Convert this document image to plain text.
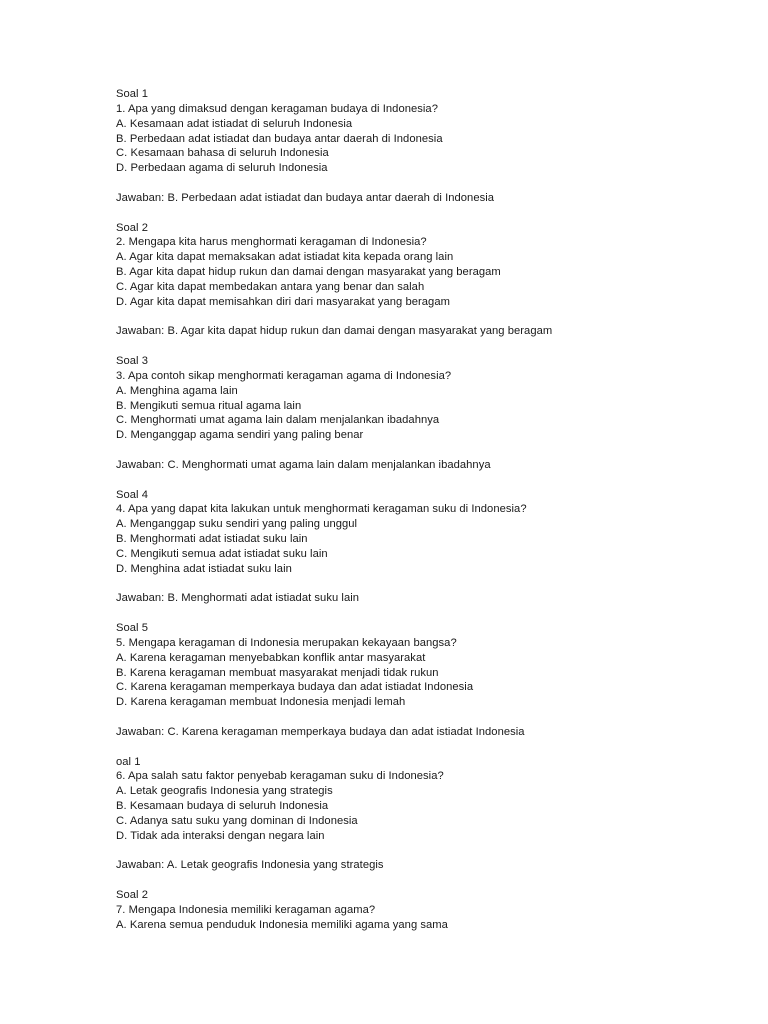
Soal 1
1. Apa yang dimaksud dengan keragaman budaya di Indonesia?
A. Kesamaan adat istiadat di seluruh Indonesia
B. Perbedaan adat istiadat dan budaya antar daerah di Indonesia
C. Kesamaan bahasa di seluruh Indonesia
D. Perbedaan agama di seluruh Indonesia
Jawaban: B. Perbedaan adat istiadat dan budaya antar daerah di Indonesia
Soal 2
2. Mengapa kita harus menghormati keragaman di Indonesia?
A. Agar kita dapat memaksakan adat istiadat kita kepada orang lain
B. Agar kita dapat hidup rukun dan damai dengan masyarakat yang beragam
C. Agar kita dapat membedakan antara yang benar dan salah
D. Agar kita dapat memisahkan diri dari masyarakat yang beragam
Jawaban: B. Agar kita dapat hidup rukun dan damai dengan masyarakat yang beragam
Soal 3
3. Apa contoh sikap menghormati keragaman agama di Indonesia?
A. Menghina agama lain
B. Mengikuti semua ritual agama lain
C. Menghormati umat agama lain dalam menjalankan ibadahnya
D. Menganggap agama sendiri yang paling benar
Jawaban: C. Menghormati umat agama lain dalam menjalankan ibadahnya
Soal 4
4. Apa yang dapat kita lakukan untuk menghormati keragaman suku di Indonesia?
A. Menganggap suku sendiri yang paling unggul
B. Menghormati adat istiadat suku lain
C. Mengikuti semua adat istiadat suku lain
D. Menghina adat istiadat suku lain
Jawaban: B. Menghormati adat istiadat suku lain
Soal 5
5. Mengapa keragaman di Indonesia merupakan kekayaan bangsa?
A. Karena keragaman menyebabkan konflik antar masyarakat
B. Karena keragaman membuat masyarakat menjadi tidak rukun
C. Karena keragaman memperkaya budaya dan adat istiadat Indonesia
D. Karena keragaman membuat Indonesia menjadi lemah
Jawaban: C. Karena keragaman memperkaya budaya dan adat istiadat Indonesia
oal 1
6. Apa salah satu faktor penyebab keragaman suku di Indonesia?
A. Letak geografis Indonesia yang strategis
B. Kesamaan budaya di seluruh Indonesia
C. Adanya satu suku yang dominan di Indonesia
D. Tidak ada interaksi dengan negara lain
Jawaban: A. Letak geografis Indonesia yang strategis
Soal 2
7. Mengapa Indonesia memiliki keragaman agama?
A. Karena semua penduduk Indonesia memiliki agama yang sama
